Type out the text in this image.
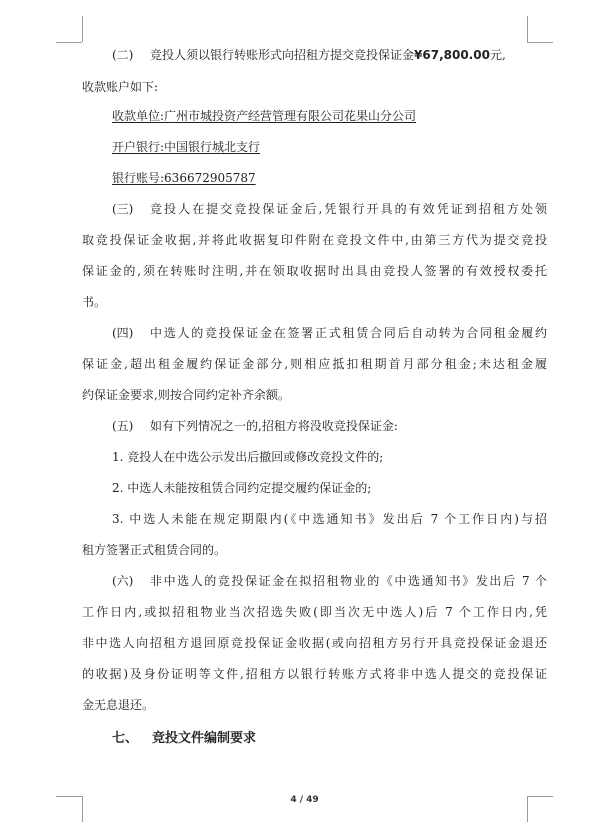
(二) 竞投人须以银行转账形式向招租方提交竞投保证金¥67,800.00元,
收款账户如下:
收款单位:广州市城投资产经营管理有限公司花果山分公司
开户银行:中国银行城北支行
银行账号:636672905787
(三) 竞投人在提交竞投保证金后,凭银行开具的有效凭证到招租方处领
取竞投保证金收据,并将此收据复印件附在竞投文件中,由第三方代为提交竞投
保证金的,须在转账时注明,并在领取收据时出具由竞投人签署的有效授权委托
书。
(四) 中选人的竞投保证金在签署正式租赁合同后自动转为合同租金履约
保证金,超出租金履约保证金部分,则相应抵扣租期首月部分租金;未达租金履
约保证金要求,则按合同约定补齐余额。
(五) 如有下列情况之一的,招租方将没收竞投保证金:
1. 竞投人在中选公示发出后撤回或修改竞投文件的;
2. 中选人未能按租赁合同约定提交履约保证金的;
3. 中选人未能在规定期限内(《中选通知书》发出后 7 个工作日内)与招
租方签署正式租赁合同的。
(六) 非中选人的竞投保证金在拟招租物业的《中选通知书》发出后 7 个
工作日内,或拟招租物业当次招选失败(即当次无中选人)后 7 个工作日内,凭
非中选人向招租方退回原竞投保证金收据(或向招租方另行开具竞投保证金退还
的收据)及身份证明等文件,招租方以银行转账方式将非中选人提交的竞投保证
金无息退还。
七、 竞投文件编制要求
4 / 49
